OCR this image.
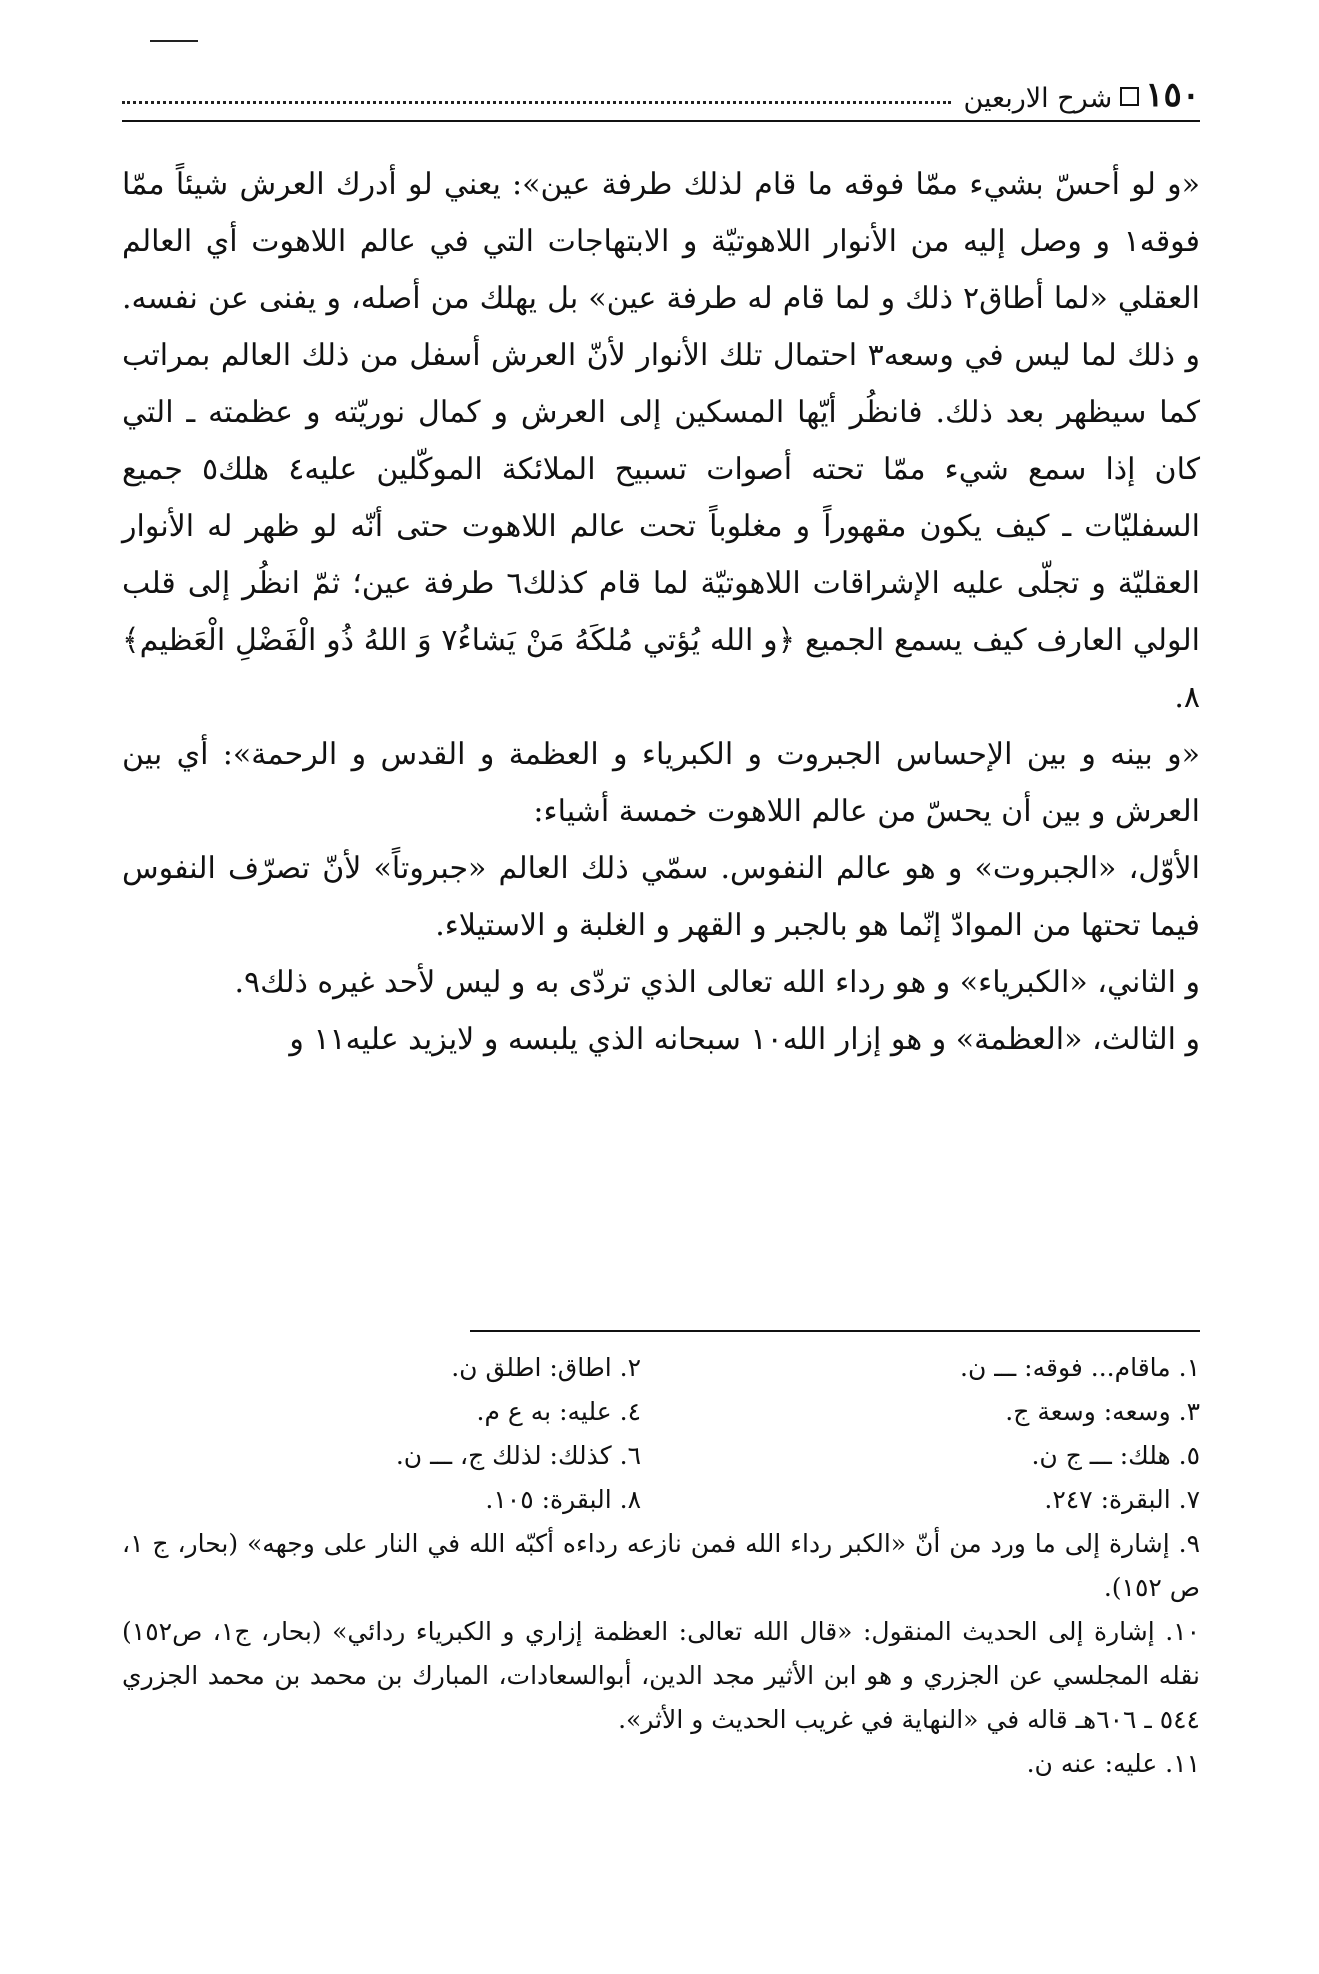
١٥٠
شرح الاربعين

«و لو أحسّ بشيء ممّا فوقه ما قام لذلك طرفة عين»: يعني لو أدرك العرش شيئاً ممّا فوقه١ و وصل إليه من الأنوار اللاهوتيّة و الابتهاجات التي في عالم اللاهوت أي العالم العقلي «لما أطاق٢ ذلك و لما قام له طرفة عين» بل يهلك من أصله، و يفنى عن نفسه. و ذلك لما ليس في وسعه٣ احتمال تلك الأنوار لأنّ العرش أسفل من ذلك العالم بمراتب كما سيظهر بعد ذلك. فانظُر أيّها المسكين إلى العرش و كمال نوريّته و عظمته ـ التي كان إذا سمع شيء ممّا تحته أصوات تسبيح الملائكة الموكّلين عليه٤ هلك٥ جميع السفليّات ـ كيف يكون مقهوراً و مغلوباً تحت عالم اللاهوت حتى أنّه لو ظهر له الأنوار العقليّة و تجلّى عليه الإشراقات اللاهوتيّة لما قام كذلك٦ طرفة عين؛ ثمّ انظُر إلى قلب الولي العارف كيف يسمع الجميع ﴿و الله يُؤتي مُلكَهُ مَنْ يَشاءُ٧ وَ اللهُ ذُو الْفَضْلِ الْعَظيم﴾٨.

«و بينه و بين الإحساس الجبروت و الكبرياء و العظمة و القدس و الرحمة»: أي بين العرش و بين أن يحسّ من عالم اللاهوت خمسة أشياء:

الأوّل، «الجبروت» و هو عالم النفوس. سمّي ذلك العالم «جبروتاً» لأنّ تصرّف النفوس فيما تحتها من الموادّ إنّما هو بالجبر و القهر و الغلبة و الاستيلاء.

و الثاني، «الكبرياء» و هو رداء الله تعالى الذي تردّى به و ليس لأحد غيره ذلك٩.

و الثالث، «العظمة» و هو إزار الله١٠ سبحانه الذي يلبسه و لايزيد عليه١١ و

١. ماقام... فوقه: ـــ ن.
٢. اطاق: اطلق ن.
٣. وسعه: وسعة ج.
٤. عليه: به ع م.
٥. هلك: ـــ ج ن.
٦. كذلك: لذلك ج، ـــ ن.
٧. البقرة: ٢٤٧.
٨. البقرة: ١٠٥.

٩. إشارة إلى ما ورد من أنّ «الكبر رداء الله فمن نازعه رداءه أكبّه الله في النار على وجهه» (بحار، ج ١، ص ١٥٢).

١٠. إشارة إلى الحديث المنقول: «قال الله تعالى: العظمة إزاري و الكبرياء ردائي» (بحار، ج١، ص١٥٢) نقله المجلسي عن الجزري و هو ابن الأثير مجد الدين، أبوالسعادات، المبارك بن محمد بن محمد الجزري ٥٤٤ ـ ٦٠٦هـ قاله في «النهاية في غريب الحديث و الأثر».

١١. عليه: عنه ن.
